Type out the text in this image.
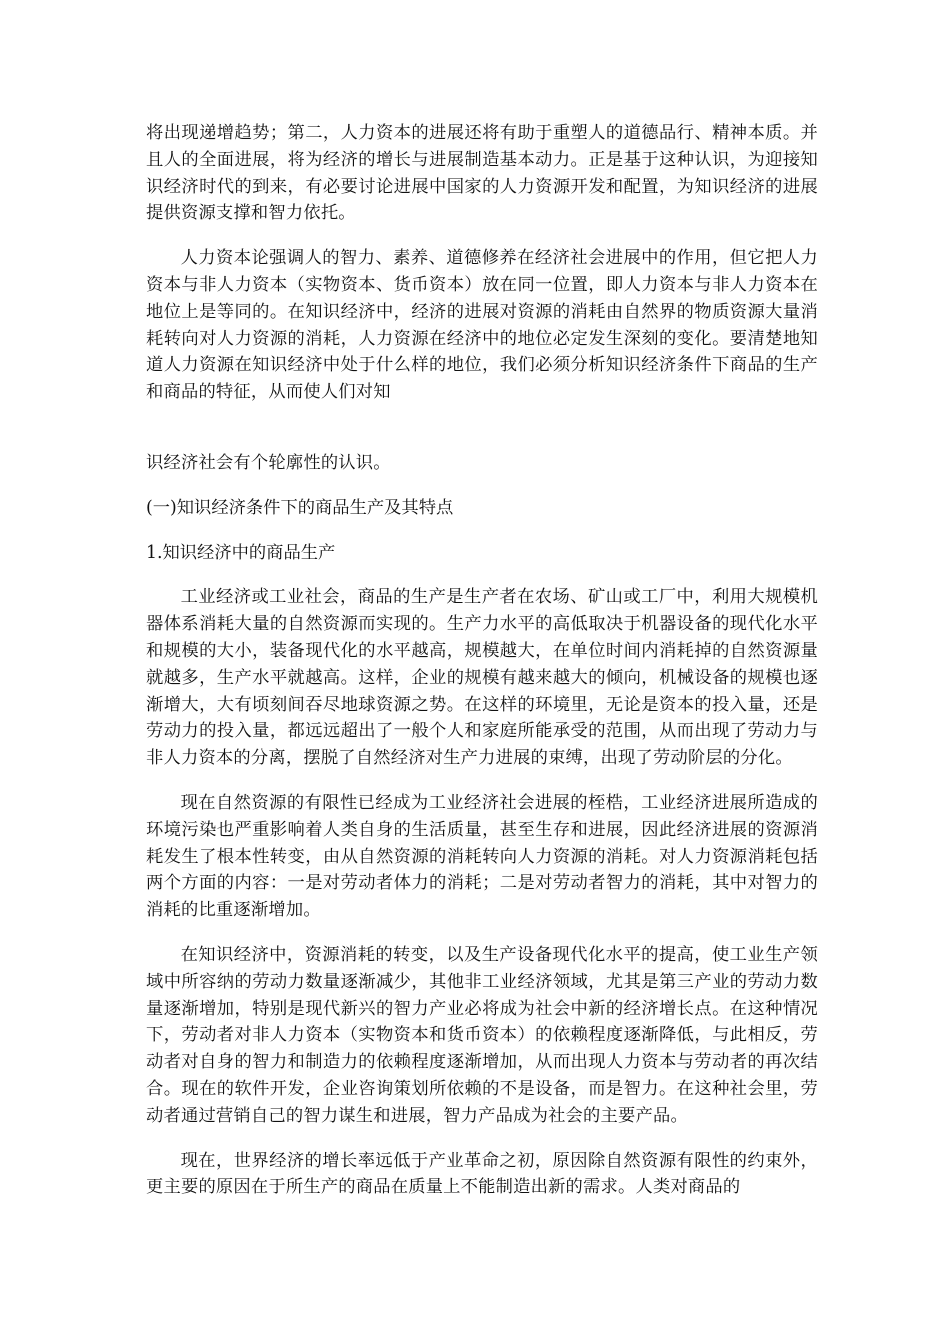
将出现递增趋势；第二，人力资本的进展还将有助于重塑人的道德品行、精神本质。并且人的全面进展，将为经济的增长与进展制造基本动力。正是基于这种认识，为迎接知识经济时代的到来，有必要讨论进展中国家的人力资源开发和配置，为知识经济的进展提供资源支撑和智力依托。

人力资本论强调人的智力、素养、道德修养在经济社会进展中的作用，但它把人力资本与非人力资本（实物资本、货币资本）放在同一位置，即人力资本与非人力资本在地位上是等同的。在知识经济中，经济的进展对资源的消耗由自然界的物质资源大量消耗转向对人力资源的消耗，人力资源在经济中的地位必定发生深刻的变化。要清楚地知道人力资源在知识经济中处于什么样的地位，我们必须分析知识经济条件下商品的生产和商品的特征，从而使人们对知

识经济社会有个轮廓性的认识。

(一)知识经济条件下的商品生产及其特点

1.知识经济中的商品生产

工业经济或工业社会，商品的生产是生产者在农场、矿山或工厂中，利用大规模机器体系消耗大量的自然资源而实现的。生产力水平的高低取决于机器设备的现代化水平和规模的大小，装备现代化的水平越高，规模越大，在单位时间内消耗掉的自然资源量就越多，生产水平就越高。这样，企业的规模有越来越大的倾向，机械设备的规模也逐渐增大，大有顷刻间吞尽地球资源之势。在这样的环境里，无论是资本的投入量，还是劳动力的投入量，都远远超出了一般个人和家庭所能承受的范围，从而出现了劳动力与非人力资本的分离，摆脱了自然经济对生产力进展的束缚，出现了劳动阶层的分化。

现在自然资源的有限性已经成为工业经济社会进展的桎梏，工业经济进展所造成的环境污染也严重影响着人类自身的生活质量，甚至生存和进展，因此经济进展的资源消耗发生了根本性转变，由从自然资源的消耗转向人力资源的消耗。对人力资源消耗包括两个方面的内容：一是对劳动者体力的消耗；二是对劳动者智力的消耗，其中对智力的消耗的比重逐渐增加。

在知识经济中，资源消耗的转变，以及生产设备现代化水平的提高，使工业生产领域中所容纳的劳动力数量逐渐减少，其他非工业经济领域，尤其是第三产业的劳动力数量逐渐增加，特别是现代新兴的智力产业必将成为社会中新的经济增长点。在这种情况下，劳动者对非人力资本（实物资本和货币资本）的依赖程度逐渐降低，与此相反，劳动者对自身的智力和制造力的依赖程度逐渐增加，从而出现人力资本与劳动者的再次结合。现在的软件开发，企业咨询策划所依赖的不是设备，而是智力。在这种社会里，劳动者通过营销自己的智力谋生和进展，智力产品成为社会的主要产品。

现在，世界经济的增长率远低于产业革命之初，原因除自然资源有限性的约束外，更主要的原因在于所生产的商品在质量上不能制造出新的需求。人类对商品的
